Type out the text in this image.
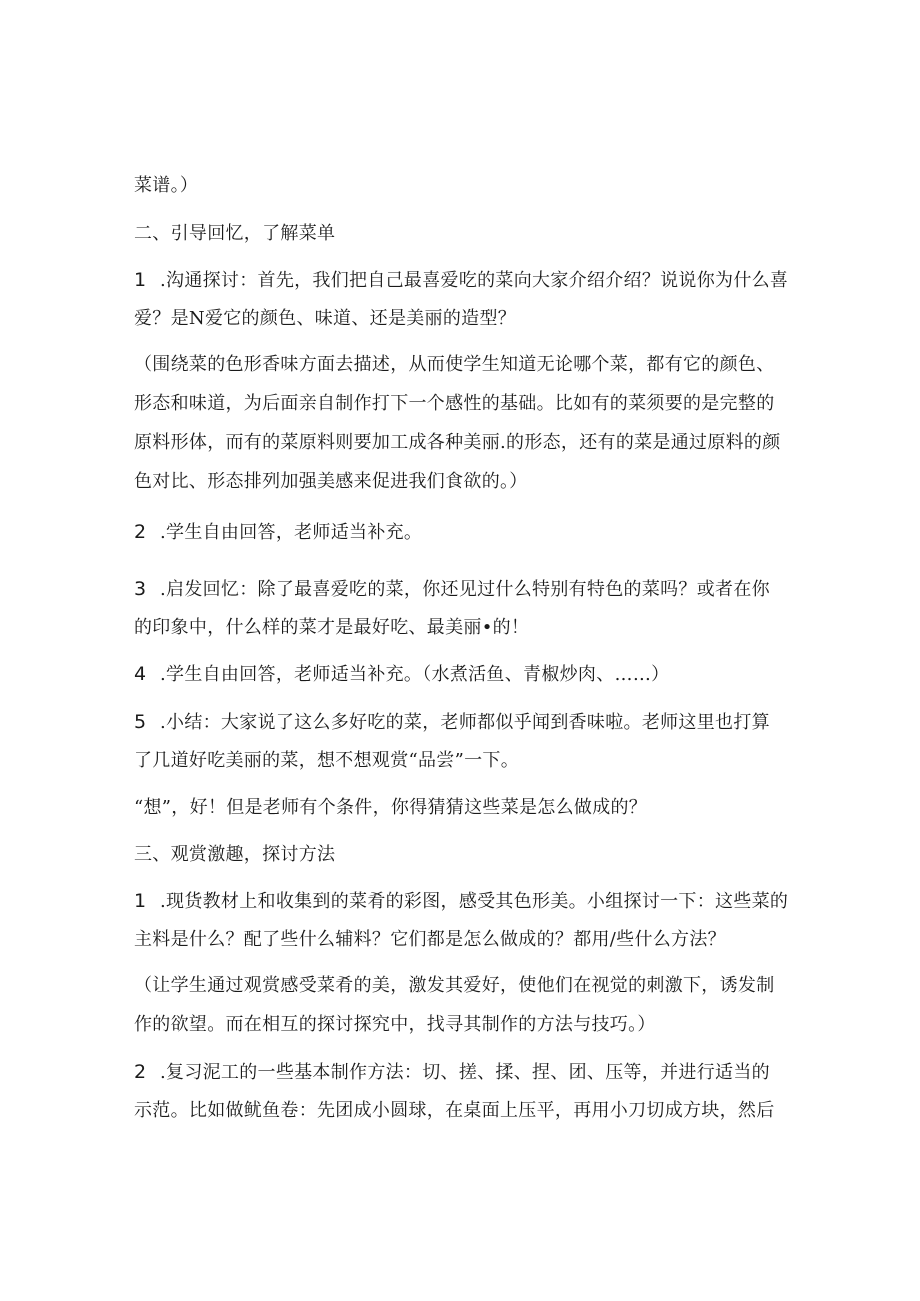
菜谱。）
二、引导回忆，了解菜单
1 .沟通探讨：首先，我们把自己最喜爱吃的菜向大家介绍介绍？说说你为什么喜
爱？是N爱它的颜色、味道、还是美丽的造型？
（围绕菜的色形香味方面去描述，从而使学生知道无论哪个菜，都有它的颜色、
形态和味道，为后面亲自制作打下一个感性的基础。比如有的菜须要的是完整的
原料形体，而有的菜原料则要加工成各种美丽.的形态，还有的菜是通过原料的颜
色对比、形态排列加强美感来促进我们食欲的。）
2 .学生自由回答，老师适当补充。
3 .启发回忆：除了最喜爱吃的菜，你还见过什么特别有特色的菜吗？或者在你
的印象中，什么样的菜才是最好吃、最美丽•的！
4 .学生自由回答，老师适当补充。（水煮活鱼、青椒炒肉、……）
5 .小结：大家说了这么多好吃的菜，老师都似乎闻到香味啦。老师这里也打算
了几道好吃美丽的菜，想不想观赏“品尝”一下。
“想”，好！但是老师有个条件，你得猜猜这些菜是怎么做成的？
三、观赏激趣，探讨方法
1 .现货教材上和收集到的菜肴的彩图，感受其色形美。小组探讨一下：这些菜的
主料是什么？配了些什么辅料？它们都是怎么做成的？都用/些什么方法？
（让学生通过观赏感受菜肴的美，激发其爱好，使他们在视觉的刺激下，诱发制
作的欲望。而在相互的探讨探究中，找寻其制作的方法与技巧。）
2 .复习泥工的一些基本制作方法：切、搓、揉、捏、团、压等，并进行适当的
示范。比如做鱿鱼卷：先团成小圆球，在桌面上压平，再用小刀切成方块，然后
